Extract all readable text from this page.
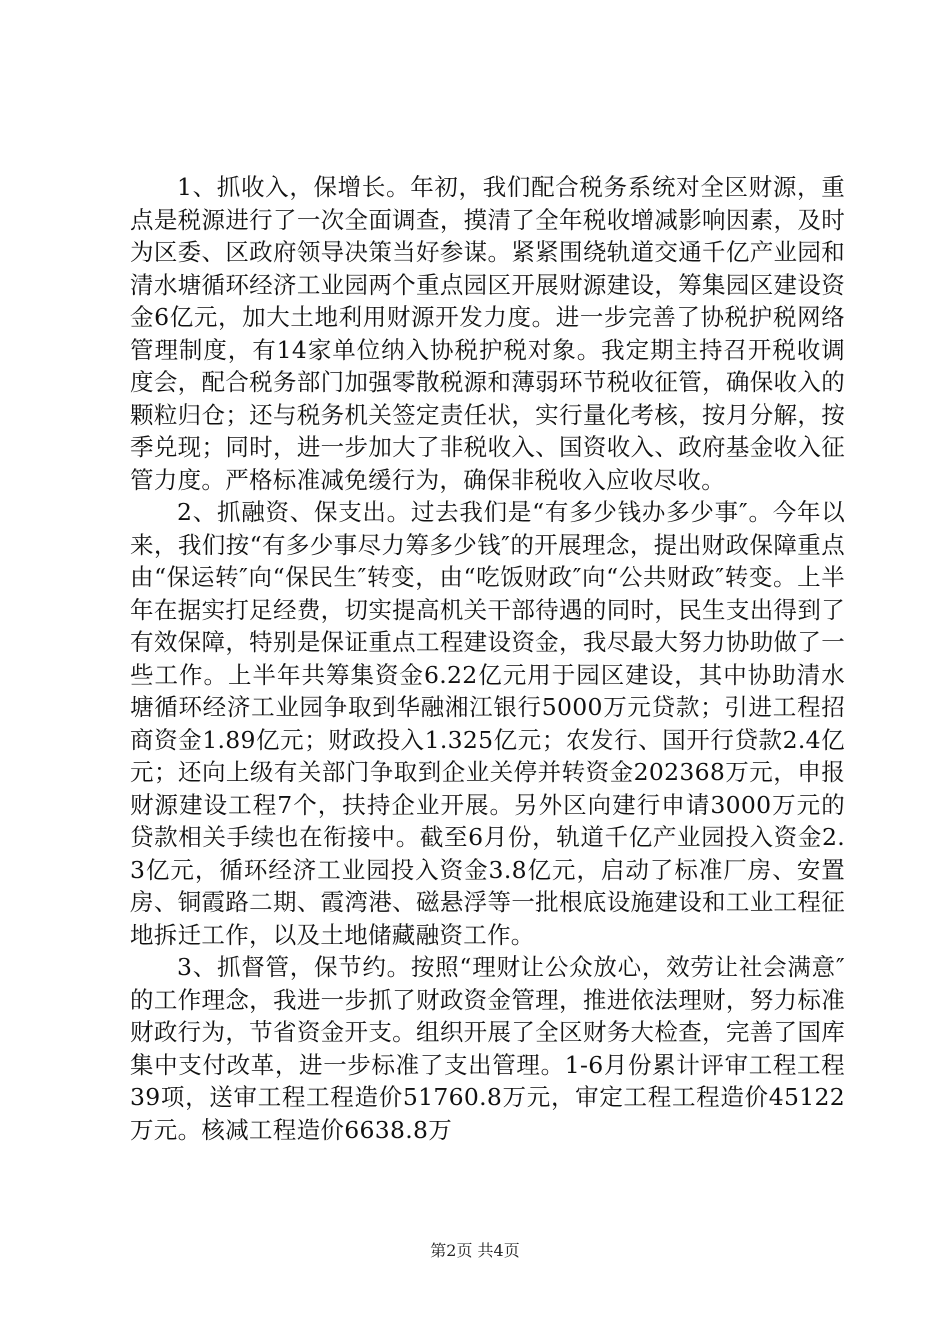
1、抓收入，保增长。年初，我们配合税务系统对全区财源，重点是税源进行了一次全面调查，摸清了全年税收增减影响因素，及时为区委、区政府领导决策当好参谋。紧紧围绕轨道交通千亿产业园和清水塘循环经济工业园两个重点园区开展财源建设，筹集园区建设资金6亿元，加大土地利用财源开发力度。进一步完善了协税护税网络管理制度，有14家单位纳入协税护税对象。我定期主持召开税收调度会，配合税务部门加强零散税源和薄弱环节税收征管，确保收入的颗粒归仓；还与税务机关签定责任状，实行量化考核，按月分解，按季兑现；同时，进一步加大了非税收入、国资收入、政府基金收入征管力度。严格标准减免缓行为，确保非税收入应收尽收。

2、抓融资、保支出。过去我们是“有多少钱办多少事″。今年以来，我们按“有多少事尽力筹多少钱″的开展理念，提出财政保障重点由“保运转″向“保民生″转变，由“吃饭财政″向“公共财政″转变。上半年在据实打足经费，切实提高机关干部待遇的同时，民生支出得到了有效保障，特别是保证重点工程建设资金，我尽最大努力协助做了一些工作。上半年共筹集资金6.22亿元用于园区建设，其中协助清水塘循环经济工业园争取到华融湘江银行5000万元贷款；引进工程招商资金1.89亿元；财政投入1.325亿元；农发行、国开行贷款2.4亿元；还向上级有关部门争取到企业关停并转资金202368万元，申报财源建设工程7个，扶持企业开展。另外区向建行申请3000万元的贷款相关手续也在衔接中。截至6月份，轨道千亿产业园投入资金2.3亿元，循环经济工业园投入资金3.8亿元，启动了标准厂房、安置房、铜霞路二期、霞湾港、磁悬浮等一批根底设施建设和工业工程征地拆迁工作，以及土地储藏融资工作。

3、抓督管，保节约。按照“理财让公众放心，效劳让社会满意″的工作理念，我进一步抓了财政资金管理，推进依法理财，努力标准财政行为，节省资金开支。组织开展了全区财务大检查，完善了国库集中支付改革，进一步标准了支出管理。1-6月份累计评审工程工程39项，送审工程工程造价51760.8万元，审定工程工程造价45122万元。核减工程造价6638.8万

第2页 共4页
